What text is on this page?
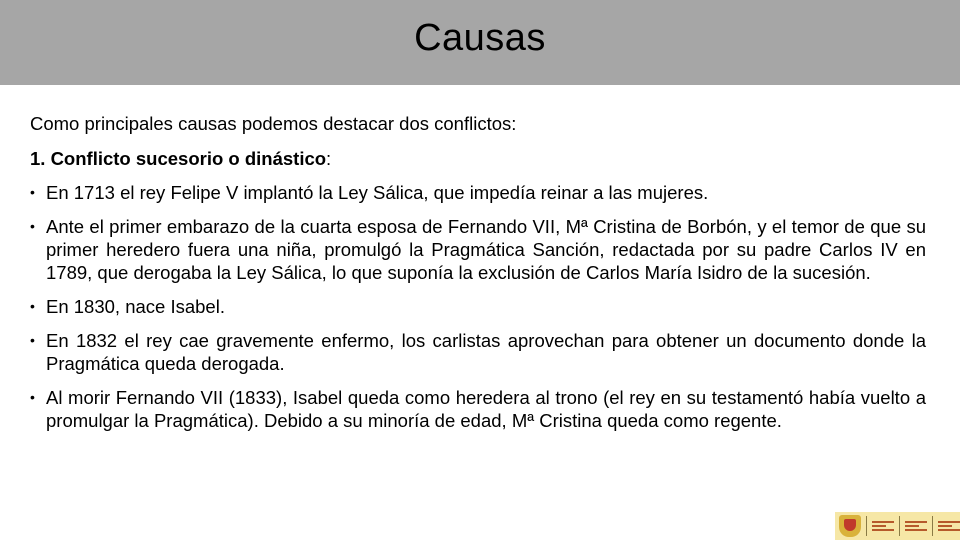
Causas

Como principales causas podemos destacar dos conflictos:

1. Conflicto sucesorio o dinástico:

• En 1713 el rey Felipe V implantó la Ley Sálica, que impedía reinar a las mujeres.
• Ante el primer embarazo de la cuarta esposa de Fernando VII, Mª Cristina de Borbón, y el temor de que su primer heredero fuera una niña, promulgó la Pragmática Sanción, redactada por su padre Carlos IV en 1789, que derogaba la Ley Sálica, lo que suponía la exclusión de Carlos María Isidro de la sucesión.
• En 1830, nace Isabel.
• En 1832 el rey cae gravemente enfermo, los carlistas aprovechan para obtener un documento donde la Pragmática queda derogada.
• Al morir Fernando VII (1833), Isabel queda como heredera al trono (el rey en su testamentó había vuelto a promulgar la Pragmática). Debido a su minoría de edad, Mª Cristina queda como regente.
